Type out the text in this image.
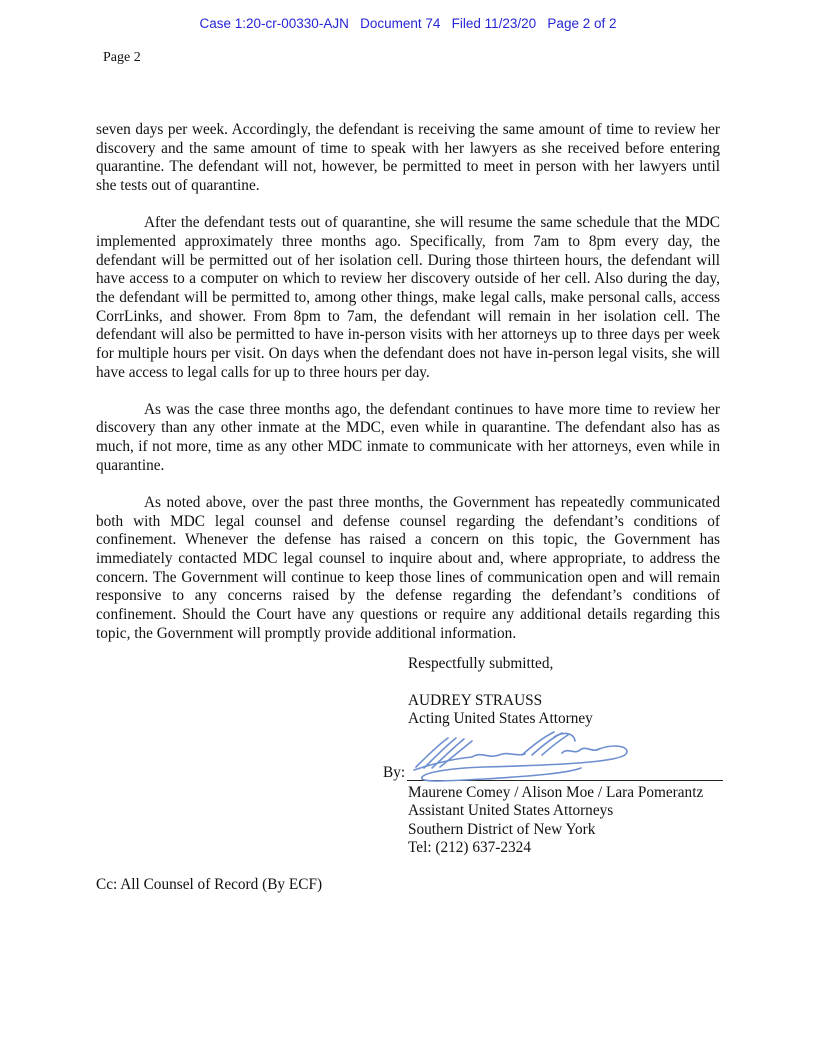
Case 1:20-cr-00330-AJN   Document 74   Filed 11/23/20   Page 2 of 2
Page 2

seven days per week. Accordingly, the defendant is receiving the same amount of time to review her discovery and the same amount of time to speak with her lawyers as she received before entering quarantine. The defendant will not, however, be permitted to meet in person with her lawyers until she tests out of quarantine.

After the defendant tests out of quarantine, she will resume the same schedule that the MDC implemented approximately three months ago. Specifically, from 7am to 8pm every day, the defendant will be permitted out of her isolation cell. During those thirteen hours, the defendant will have access to a computer on which to review her discovery outside of her cell. Also during the day, the defendant will be permitted to, among other things, make legal calls, make personal calls, access CorrLinks, and shower. From 8pm to 7am, the defendant will remain in her isolation cell. The defendant will also be permitted to have in-person visits with her attorneys up to three days per week for multiple hours per visit. On days when the defendant does not have in-person legal visits, she will have access to legal calls for up to three hours per day.

As was the case three months ago, the defendant continues to have more time to review her discovery than any other inmate at the MDC, even while in quarantine. The defendant also has as much, if not more, time as any other MDC inmate to communicate with her attorneys, even while in quarantine.

As noted above, over the past three months, the Government has repeatedly communicated both with MDC legal counsel and defense counsel regarding the defendant’s conditions of confinement. Whenever the defense has raised a concern on this topic, the Government has immediately contacted MDC legal counsel to inquire about and, where appropriate, to address the concern. The Government will continue to keep those lines of communication open and will remain responsive to any concerns raised by the defense regarding the defendant’s conditions of confinement. Should the Court have any questions or require any additional details regarding this topic, the Government will promptly provide additional information.

Respectfully submitted,
AUDREY STRAUSS
Acting United States Attorney
By:
Maurene Comey / Alison Moe / Lara Pomerantz
Assistant United States Attorneys
Southern District of New York
Tel: (212) 637-2324
Cc: All Counsel of Record (By ECF)
